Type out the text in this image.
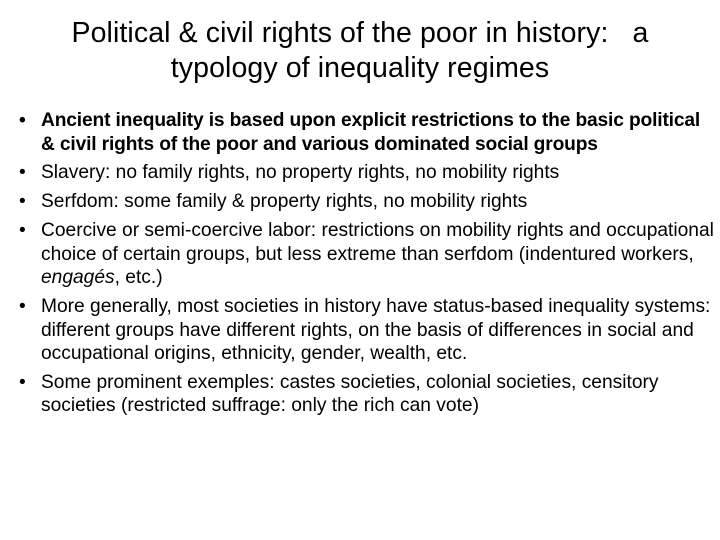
Political & civil rights of the poor in history:   a
typology of inequality regimes
• Ancient inequality is based upon explicit restrictions to the basic political & civil rights of the poor and various dominated social groups
• Slavery: no family rights, no property rights, no mobility rights
• Serfdom: some family & property rights, no mobility rights
• Coercive or semi-coercive labor: restrictions on mobility rights and occupational choice of certain groups, but less extreme than serfdom (indentured workers, engagés, etc.)
• More generally, most societies in history have status-based inequality systems: different groups have different rights, on the basis of differences in social and occupational origins, ethnicity, gender, wealth, etc.
• Some prominent exemples: castes societies, colonial societies, censitory societies (restricted suffrage: only the rich can vote)
